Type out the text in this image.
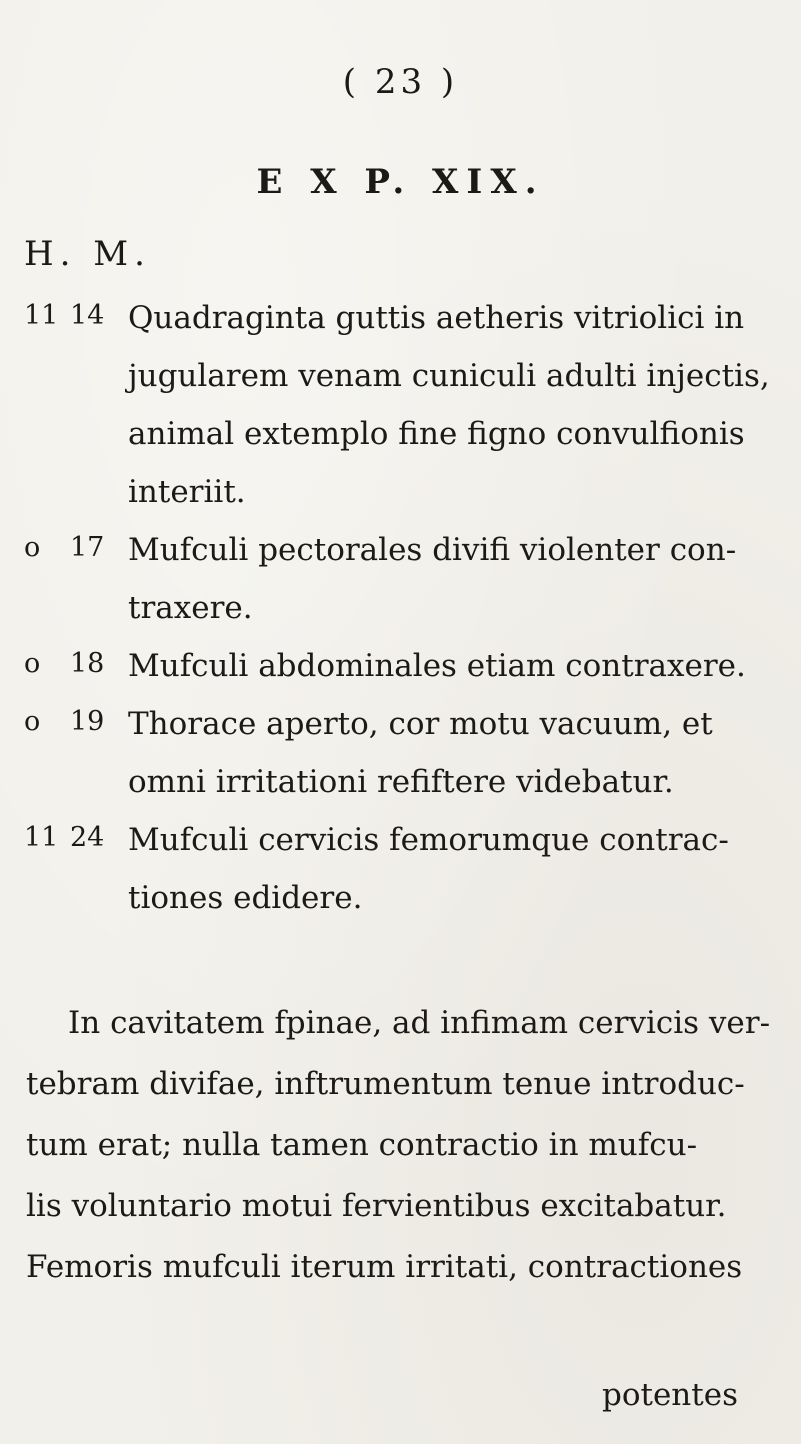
( 23 )
E X P. XIX.
H. M.
11 14 Quadraginta guttis aetheris vitriolici in
jugularem venam cuniculi adulti injectis,
animal extemplo fine figno convulfionis
interiit.
o	17 Mufculi pectorales divifi violenter con-
traxere.
o	18 Mufculi abdominales etiam contraxere.
o	19 Thorace aperto, cor motu vacuum, et
omni irritationi refiftere videbatur.
11 24 Mufculi cervicis femorumque contrac-
tiones edidere.
In cavitatem fpinae, ad infimam cervicis ver-
tebram divifae, inftrumentum tenue introduc-
tum erat; nulla tamen contractio in mufcu-
lis voluntario motui fervientibus excitabatur.
Femoris mufculi iterum irritati, contractiones
potentes
